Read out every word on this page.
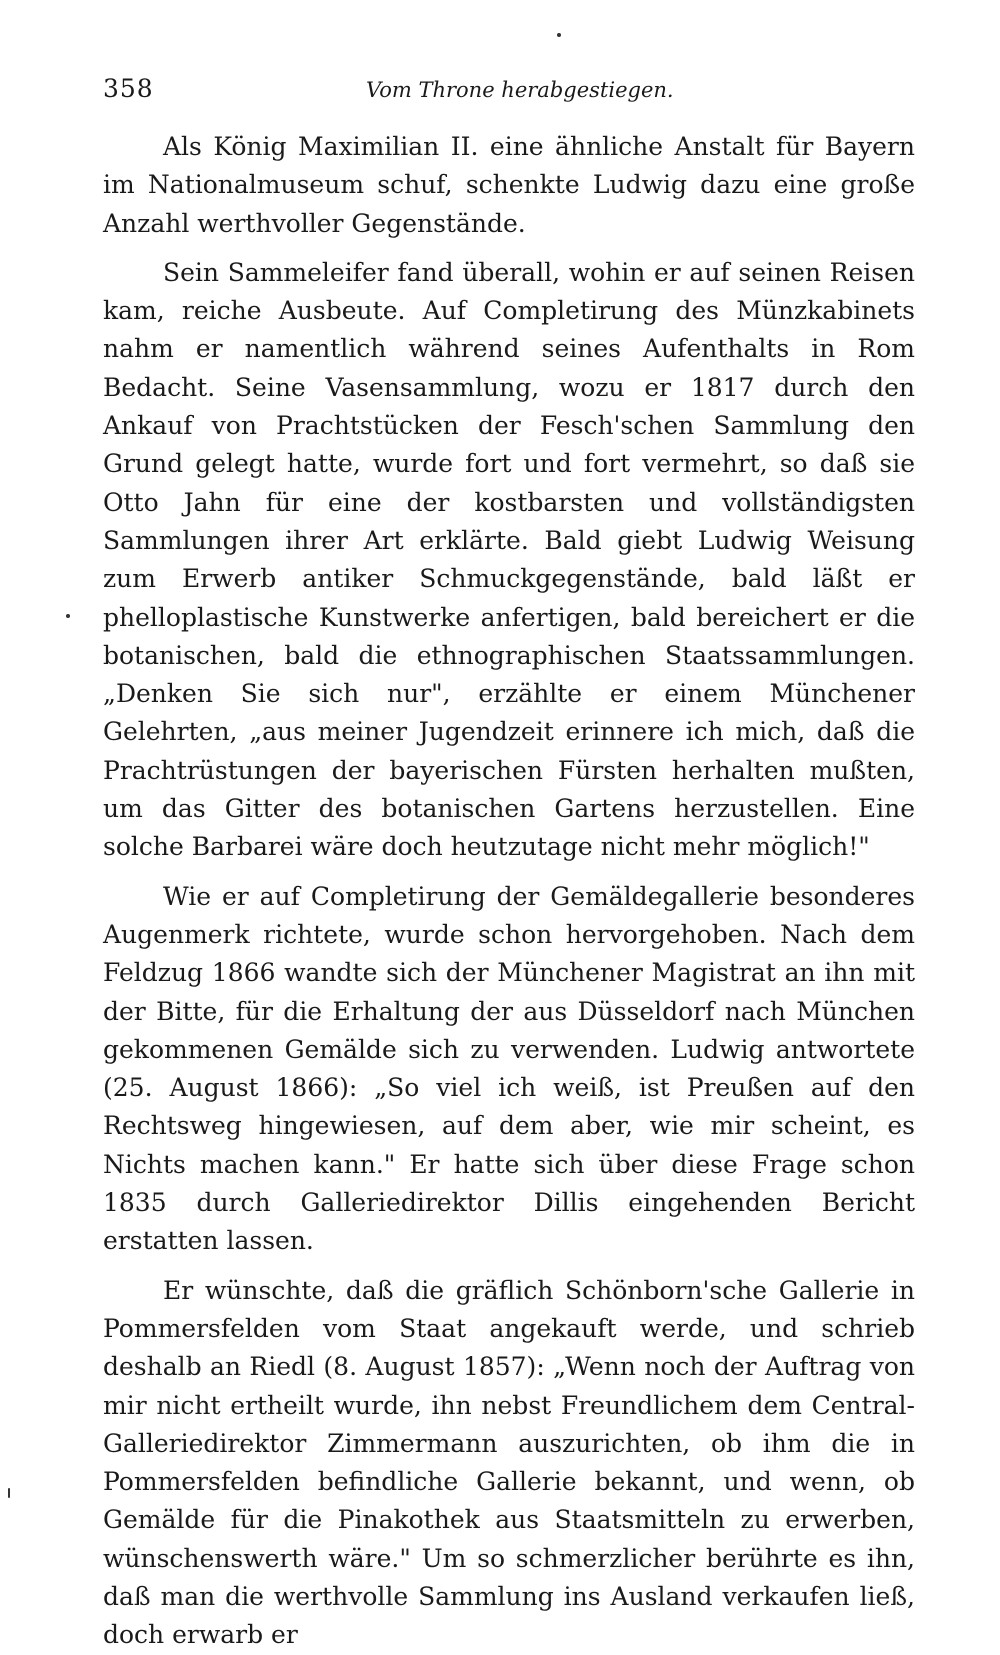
358	Vom Throne herabgestiegen.

Als König Maximilian II. eine ähnliche Anstalt für Bayern im Nationalmuseum schuf, schenkte Ludwig dazu eine große Anzahl werthvoller Gegenstände.

Sein Sammeleifer fand überall, wohin er auf seinen Reisen kam, reiche Ausbeute. Auf Completirung des Münzkabinets nahm er namentlich während seines Aufenthalts in Rom Bedacht. Seine Vasensammlung, wozu er 1817 durch den Ankauf von Prachtstücken der Fesch'schen Sammlung den Grund gelegt hatte, wurde fort und fort vermehrt, so daß sie Otto Jahn für eine der kostbarsten und vollständigsten Sammlungen ihrer Art erklärte. Bald giebt Ludwig Weisung zum Erwerb antiker Schmuckgegenstände, bald läßt er phelloplastische Kunstwerke anfertigen, bald bereichert er die botanischen, bald die ethnographischen Staatssammlungen. „Denken Sie sich nur", erzählte er einem Münchener Gelehrten, „aus meiner Jugendzeit erinnere ich mich, daß die Prachtrüstungen der bayerischen Fürsten herhalten mußten, um das Gitter des botanischen Gartens herzustellen. Eine solche Barbarei wäre doch heutzutage nicht mehr möglich!"

Wie er auf Completirung der Gemäldegallerie besonderes Augenmerk richtete, wurde schon hervorgehoben. Nach dem Feldzug 1866 wandte sich der Münchener Magistrat an ihn mit der Bitte, für die Erhaltung der aus Düsseldorf nach München gekommenen Gemälde sich zu verwenden. Ludwig antwortete (25. August 1866): „So viel ich weiß, ist Preußen auf den Rechtsweg hingewiesen, auf dem aber, wie mir scheint, es Nichts machen kann." Er hatte sich über diese Frage schon 1835 durch Galleriedirektor Dillis eingehenden Bericht erstatten lassen.

Er wünschte, daß die gräflich Schönborn'sche Gallerie in Pommersfelden vom Staat angekauft werde, und schrieb deshalb an Riedl (8. August 1857): „Wenn noch der Auftrag von mir nicht ertheilt wurde, ihn nebst Freundlichem dem Central-Galleriedirektor Zimmermann auszurichten, ob ihm die in Pommersfelden befindliche Gallerie bekannt, und wenn, ob Gemälde für die Pinakothek aus Staatsmitteln zu erwerben, wünschenswerth wäre." Um so schmerzlicher berührte es ihn, daß man die werthvolle Sammlung ins Ausland verkaufen ließ, doch erwarb er
